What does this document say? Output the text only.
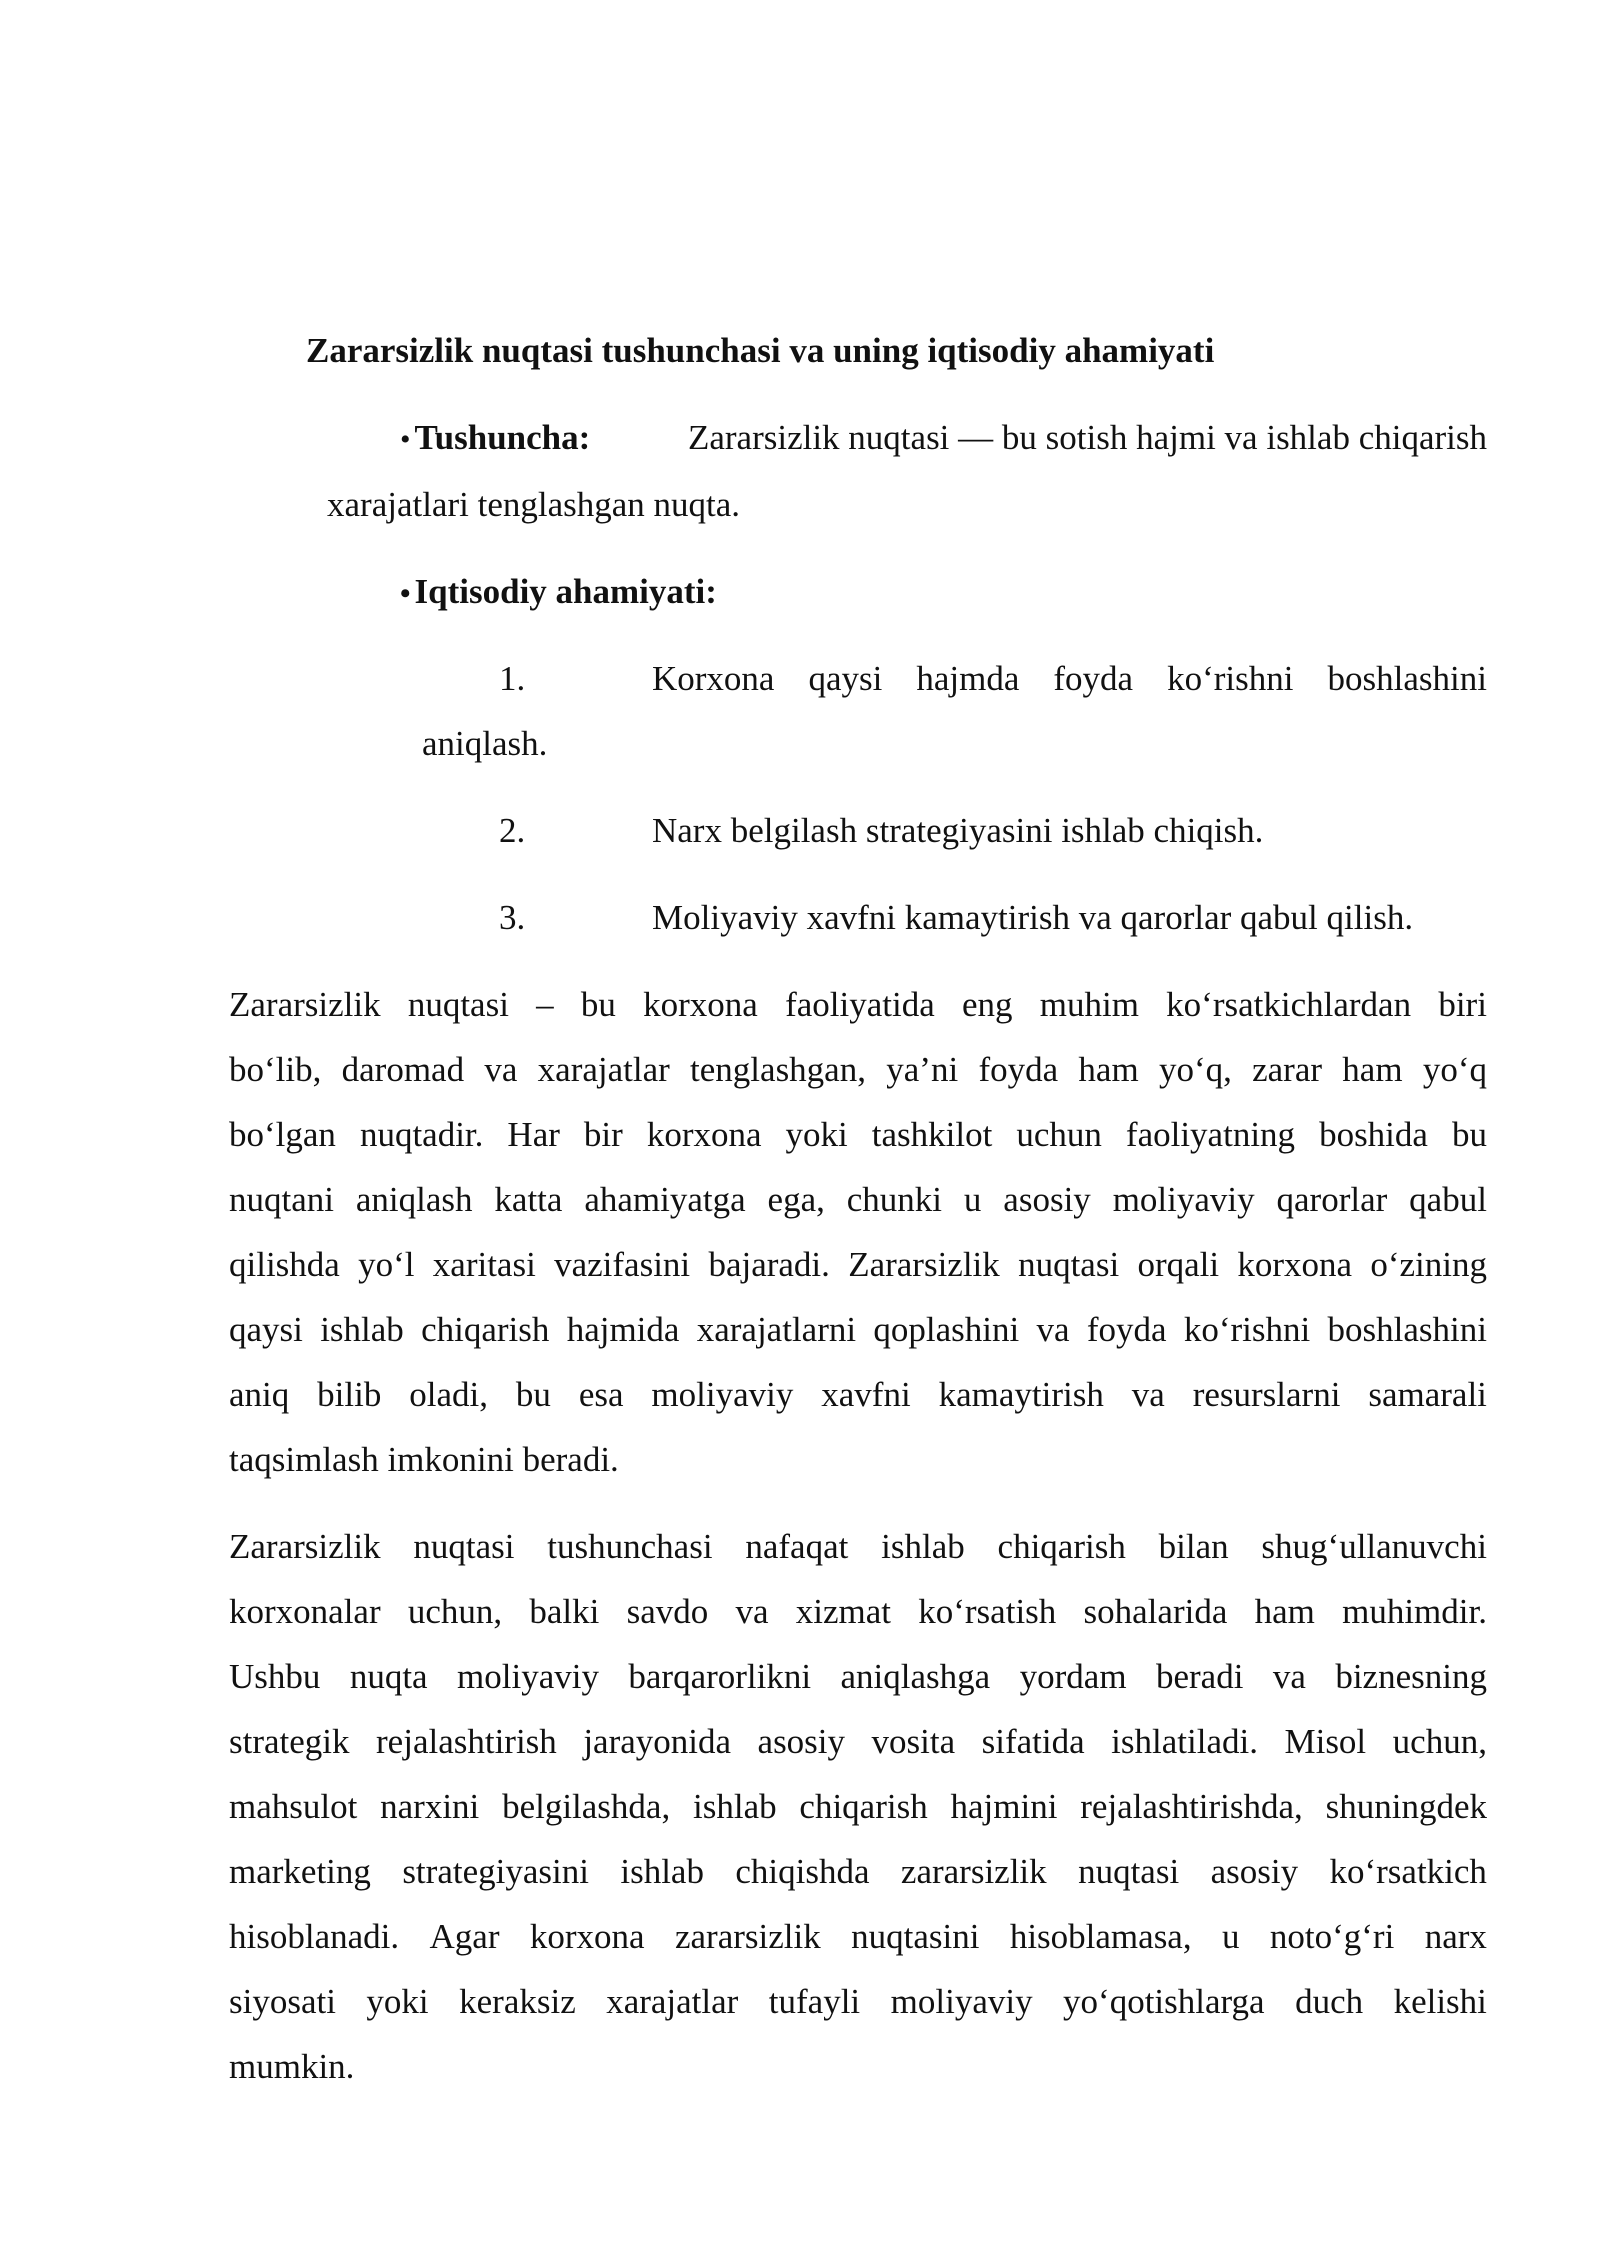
Zararsizlik nuqtasi tushunchasi va uning iqtisodiy ahamiyati
• Tushuncha:	Zararsizlik nuqtasi — bu sotish hajmi va ishlab chiqarish
xarajatlari tenglashgan nuqta.
• Iqtisodiy ahamiyati:
1.	Korxona qaysi hajmda foyda ko‘rishni boshlashini
aniqlash.
2.	Narx belgilash strategiyasini ishlab chiqish.
3.	Moliyaviy xavfni kamaytirish va qarorlar qabul qilish.
Zararsizlik nuqtasi – bu korxona faoliyatida eng muhim ko‘rsatkichlardan biri
bo‘lib, daromad va xarajatlar tenglashgan, ya’ni foyda ham yo‘q, zarar ham yo‘q
bo‘lgan nuqtadir. Har bir korxona yoki tashkilot uchun faoliyatning boshida bu
nuqtani aniqlash katta ahamiyatga ega, chunki u asosiy moliyaviy qarorlar qabul
qilishda yo‘l xaritasi vazifasini bajaradi. Zararsizlik nuqtasi orqali korxona o‘zining
qaysi ishlab chiqarish hajmida xarajatlarni qoplashini va foyda ko‘rishni boshlashini
aniq bilib oladi, bu esa moliyaviy xavfni kamaytirish va resurslarni samarali
taqsimlash imkonini beradi.
Zararsizlik nuqtasi tushunchasi nafaqat ishlab chiqarish bilan shug‘ullanuvchi
korxonalar uchun, balki savdo va xizmat ko‘rsatish sohalarida ham muhimdir.
Ushbu nuqta moliyaviy barqarorlikni aniqlashga yordam beradi va biznesning
strategik rejalashtirish jarayonida asosiy vosita sifatida ishlatiladi. Misol uchun,
mahsulot narxini belgilashda, ishlab chiqarish hajmini rejalashtirishda, shuningdek
marketing strategiyasini ishlab chiqishda zararsizlik nuqtasi asosiy ko‘rsatkich
hisoblanadi. Agar korxona zararsizlik nuqtasini hisoblamasa, u noto‘g‘ri narx
siyosati yoki keraksiz xarajatlar tufayli moliyaviy yo‘qotishlarga duch kelishi
mumkin.
